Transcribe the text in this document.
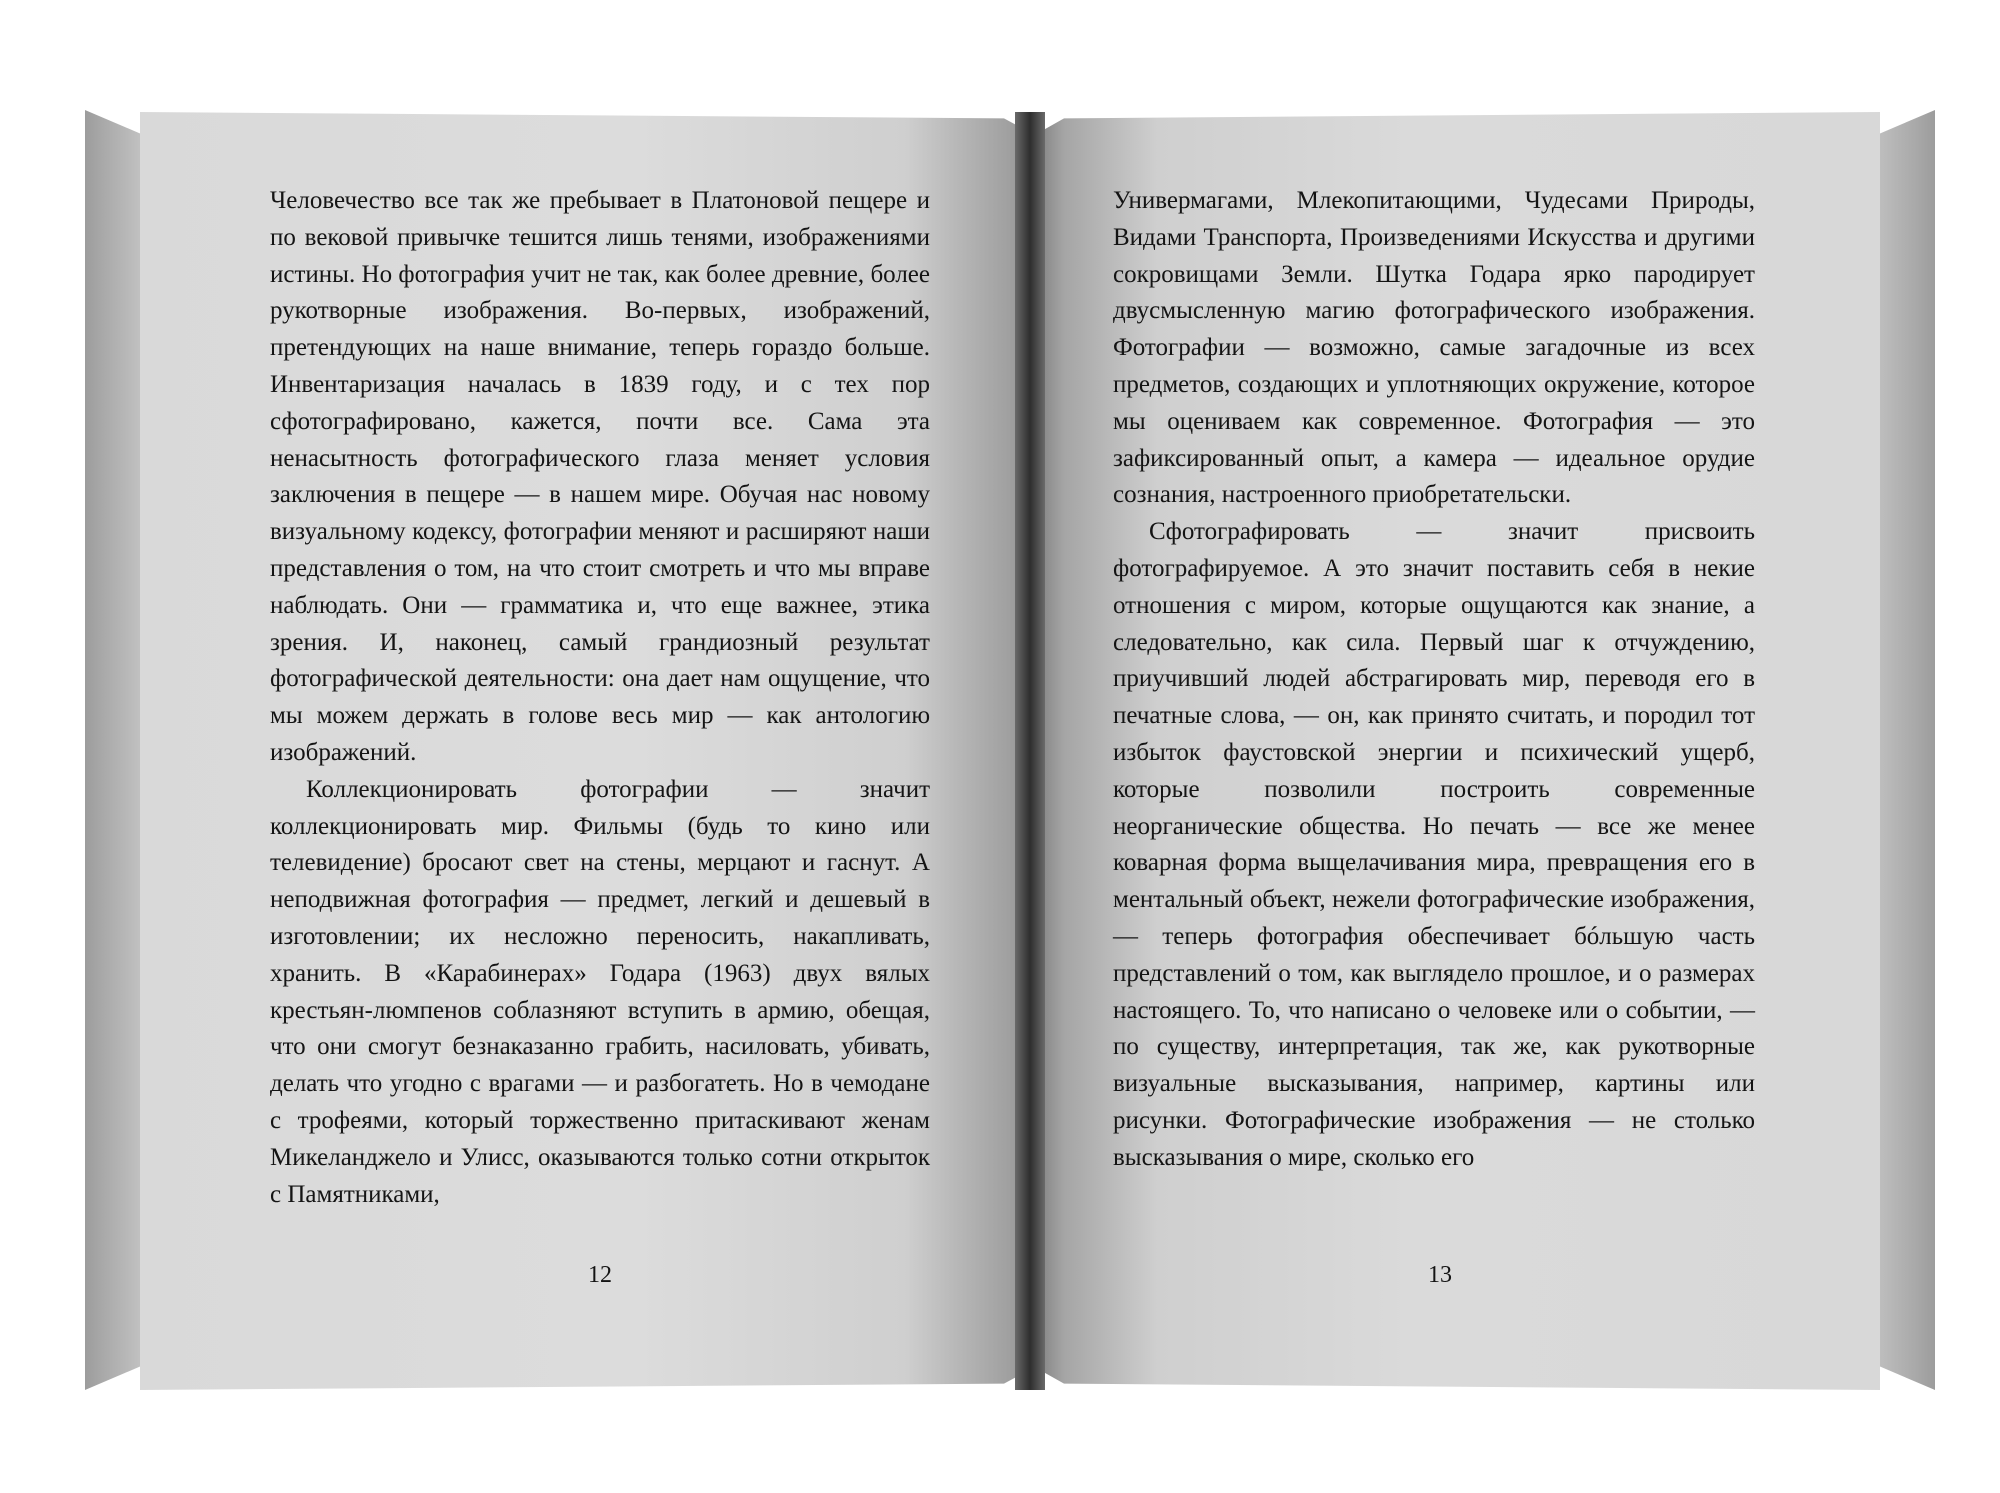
Человечество все так же пребывает в Платоновой пещере и по вековой привычке тешится лишь тенями, изображениями истины. Но фотография учит не так, как более древние, более рукотворные изображения. Во-первых, изображений, претендующих на наше внимание, теперь гораздо больше. Инвентаризация началась в 1839 году, и с тех пор сфотографировано, кажется, почти все. Сама эта ненасытность фотографического глаза меняет условия заключения в пещере — в нашем мире. Обучая нас новому визуальному кодексу, фотографии меняют и расширяют наши представления о том, на что стоит смотреть и что мы вправе наблюдать. Они — грамматика и, что еще важнее, этика зрения. И, наконец, самый грандиозный результат фотографической деятельности: она дает нам ощущение, что мы можем держать в голове весь мир — как антологию изображений.

Коллекционировать фотографии — значит коллекционировать мир. Фильмы (будь то кино или телевидение) бросают свет на стены, мерцают и гаснут. А неподвижная фотография — предмет, легкий и дешевый в изготовлении; их несложно переносить, накапливать, хранить. В «Карабинерах» Годара (1963) двух вялых крестьян-люмпенов соблазняют вступить в армию, обещая, что они смогут безнаказанно грабить, насиловать, убивать, делать что угодно с врагами — и разбогатеть. Но в чемодане с трофеями, который торжественно притаскивают женам Микеланджело и Улисс, оказываются только сотни открыток с Памятниками,

Универмагами, Млекопитающими, Чудесами Природы, Видами Транспорта, Произведениями Искусства и другими сокровищами Земли. Шутка Годара ярко пародирует двусмысленную магию фотографического изображения. Фотографии — возможно, самые загадочные из всех предметов, создающих и уплотняющих окружение, которое мы оцениваем как современное. Фотография — это зафиксированный опыт, а камера — идеальное орудие сознания, настроенного приобретательски.

Сфотографировать — значит присвоить фотографируемое. А это значит поставить себя в некие отношения с миром, которые ощущаются как знание, а следовательно, как сила. Первый шаг к отчуждению, приучивший людей абстрагировать мир, переводя его в печатные слова, — он, как принято считать, и породил тот избыток фаустовской энергии и психический ущерб, которые позволили построить современные неорганические общества. Но печать — все же менее коварная форма выщелачивания мира, превращения его в ментальный объект, нежели фотографические изображения, — теперь фотография обеспечивает бóльшую часть представлений о том, как выглядело прошлое, и о размерах настоящего. То, что написано о человеке или о событии, — по существу, интерпретация, так же, как рукотворные визуальные высказывания, например, картины или рисунки. Фотографические изображения — не столько высказывания о мире, сколько его

12	13
